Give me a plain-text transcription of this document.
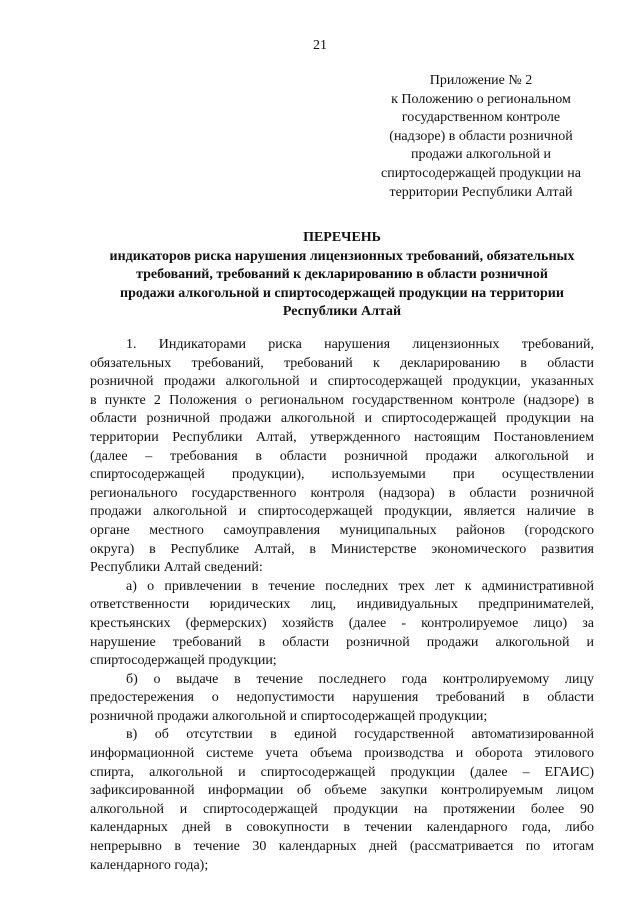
21
Приложение № 2
к Положению о региональном
государственном контроле
(надзоре) в области розничной
продажи алкогольной и
спиртосодержащей продукции на
территории Республики Алтай
ПЕРЕЧЕНЬ
индикаторов риска нарушения лицензионных требований, обязательных
требований, требований к декларированию в области розничной
продажи алкогольной и спиртосодержащей продукции на территории
Республики Алтай
1. Индикаторами риска нарушения лицензионных требований,
обязательных требований, требований к декларированию в области
розничной продажи алкогольной и спиртосодержащей продукции, указанных
в пункте 2 Положения о региональном государственном контроле (надзоре) в
области розничной продажи алкогольной и спиртосодержащей продукции на
территории Республики Алтай, утвержденного настоящим Постановлением
(далее – требования в области розничной продажи алкогольной и
спиртосодержащей продукции), используемыми при осуществлении
регионального государственного контроля (надзора) в области розничной
продажи алкогольной и спиртосодержащей продукции, является наличие в
органе местного самоуправления муниципальных районов (городского
округа) в Республике Алтай, в Министерстве экономического развития
Республики Алтай сведений:
а) о привлечении в течение последних трех лет к административной
ответственности юридических лиц, индивидуальных предпринимателей,
крестьянских (фермерских) хозяйств (далее - контролируемое лицо) за
нарушение требований в области розничной продажи алкогольной и
спиртосодержащей продукции;
б) о выдаче в течение последнего года контролируемому лицу
предостережения о недопустимости нарушения требований в области
розничной продажи алкогольной и спиртосодержащей продукции;
в) об отсутствии в единой государственной автоматизированной
информационной системе учета объема производства и оборота этилового
спирта, алкогольной и спиртосодержащей продукции (далее – ЕГАИС)
зафиксированной информации об объеме закупки контролируемым лицом
алкогольной и спиртосодержащей продукции на протяжении более 90
календарных дней в совокупности в течении календарного года, либо
непрерывно в течение 30 календарных дней (рассматривается по итогам
календарного года);
